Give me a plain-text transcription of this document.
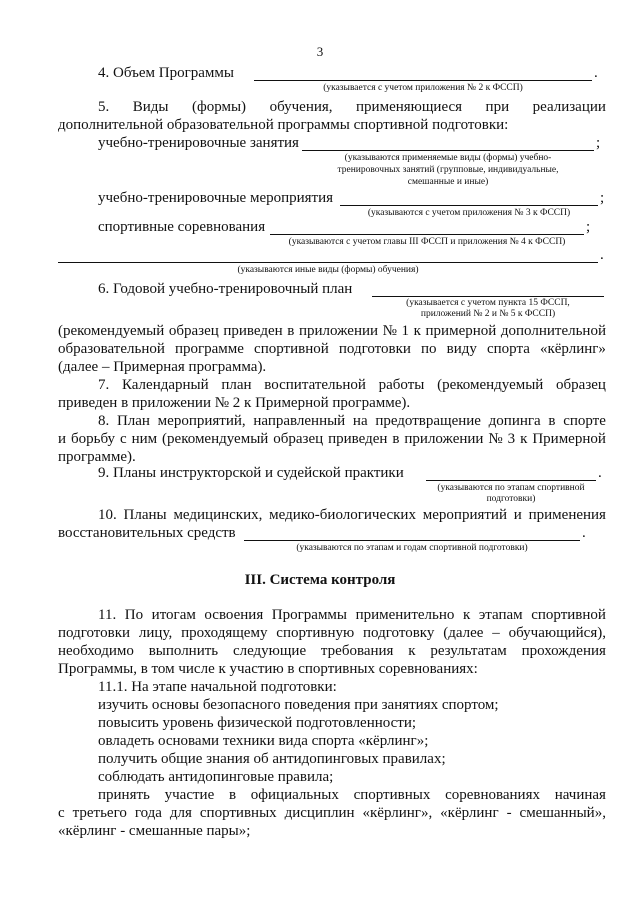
3
4. Объем Программы	.
(указывается с учетом приложения № 2 к ФССП)
5. Виды (формы) обучения, применяющиеся при реализации
дополнительной образовательной программы спортивной подготовки:
учебно-тренировочные занятия	;
(указываются применяемые виды (формы) учебно-
тренировочных занятий (групповые, индивидуальные,
смешанные и иные)
учебно-тренировочные мероприятия	;
(указываются с учетом приложения № 3 к ФССП)
спортивные соревнования	;
(указываются с учетом главы III ФССП и приложения № 4 к ФССП)
.
(указываются иные виды (формы) обучения)
6. Годовой учебно-тренировочный план
(указывается с учетом пункта 15 ФССП,
приложений № 2 и № 5 к ФССП)
(рекомендуемый образец приведен в приложении № 1 к примерной дополнительной
образовательной программе спортивной подготовки по виду спорта «кёрлинг»
(далее – Примерная программа).
7. Календарный план воспитательной работы (рекомендуемый образец
приведен в приложении № 2 к Примерной программе).
8. План мероприятий, направленный на предотвращение допинга в спорте
и борьбу с ним (рекомендуемый образец приведен в приложении № 3 к Примерной
программе).
9. Планы инструкторской и судейской практики	.
(указываются по этапам спортивной
подготовки)
10. Планы медицинских, медико-биологических мероприятий и применения
восстановительных средств	.
(указываются по этапам и годам спортивной подготовки)
III. Система контроля
11. По итогам освоения Программы применительно к этапам спортивной
подготовки лицу, проходящему спортивную подготовку (далее – обучающийся),
необходимо выполнить следующие требования к результатам прохождения
Программы, в том числе к участию в спортивных соревнованиях:
11.1. На этапе начальной подготовки:
изучить основы безопасного поведения при занятиях спортом;
повысить уровень физической подготовленности;
овладеть основами техники вида спорта «кёрлинг»;
получить общие знания об антидопинговых правилах;
соблюдать антидопинговые правила;
принять участие в официальных спортивных соревнованиях начиная
с третьего года для спортивных дисциплин «кёрлинг», «кёрлинг - смешанный»,
«кёрлинг - смешанные пары»;
